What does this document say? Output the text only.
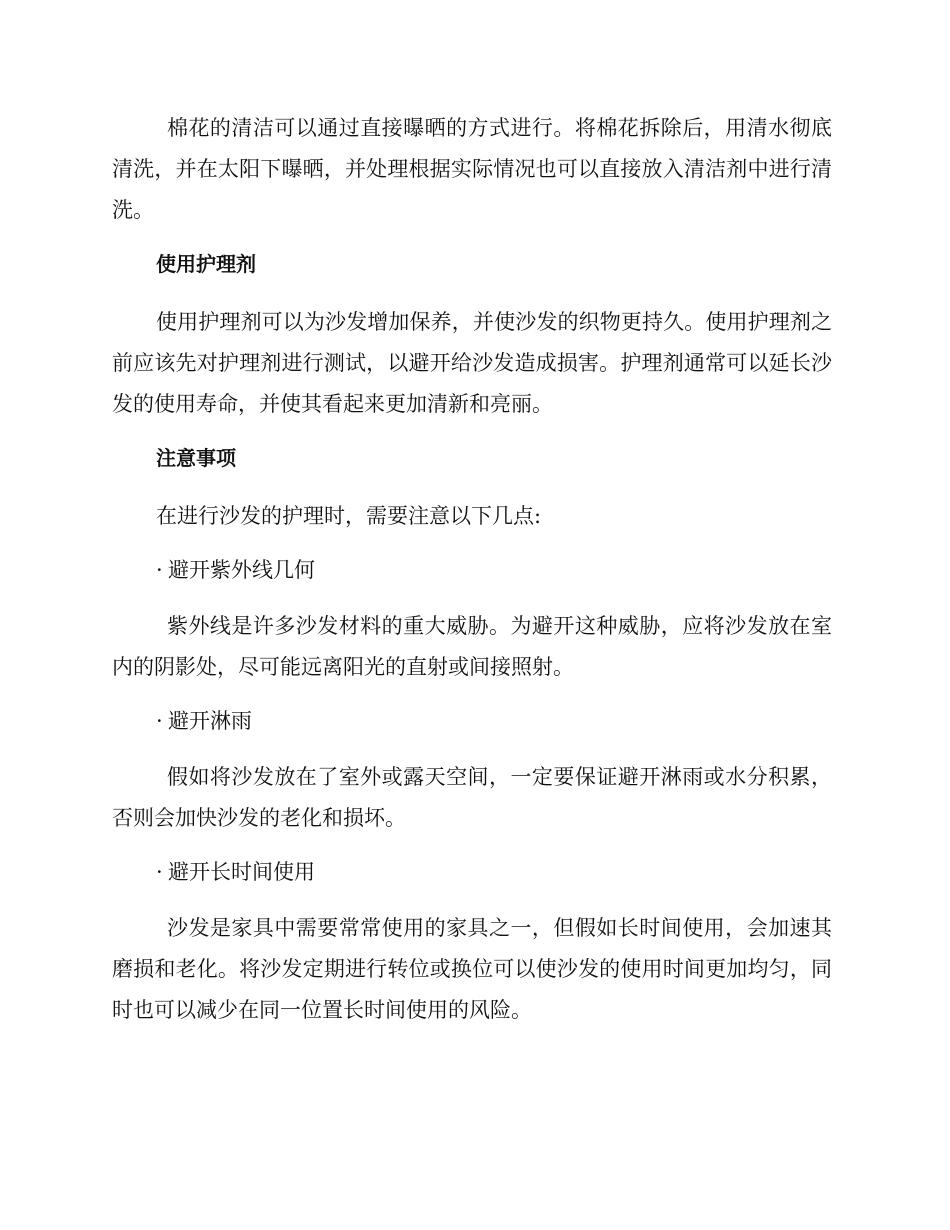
棉花的清洁可以通过直接曝晒的方式进行。将棉花拆除后，用清水彻底清洗，并在太阳下曝晒，并处理根据实际情况也可以直接放入清洁剂中进行清洗。

使用护理剂

使用护理剂可以为沙发增加保养，并使沙发的织物更持久。使用护理剂之前应该先对护理剂进行测试，以避开给沙发造成损害。护理剂通常可以延长沙发的使用寿命，并使其看起来更加清新和亮丽。

注意事项

在进行沙发的护理时，需要注意以下几点:

· 避开紫外线几何

紫外线是许多沙发材料的重大威胁。为避开这种威胁，应将沙发放在室内的阴影处，尽可能远离阳光的直射或间接照射。

· 避开淋雨

假如将沙发放在了室外或露天空间，一定要保证避开淋雨或水分积累，否则会加快沙发的老化和损坏。

· 避开长时间使用

沙发是家具中需要常常使用的家具之一，但假如长时间使用，会加速其磨损和老化。将沙发定期进行转位或换位可以使沙发的使用时间更加均匀，同时也可以减少在同一位置长时间使用的风险。
